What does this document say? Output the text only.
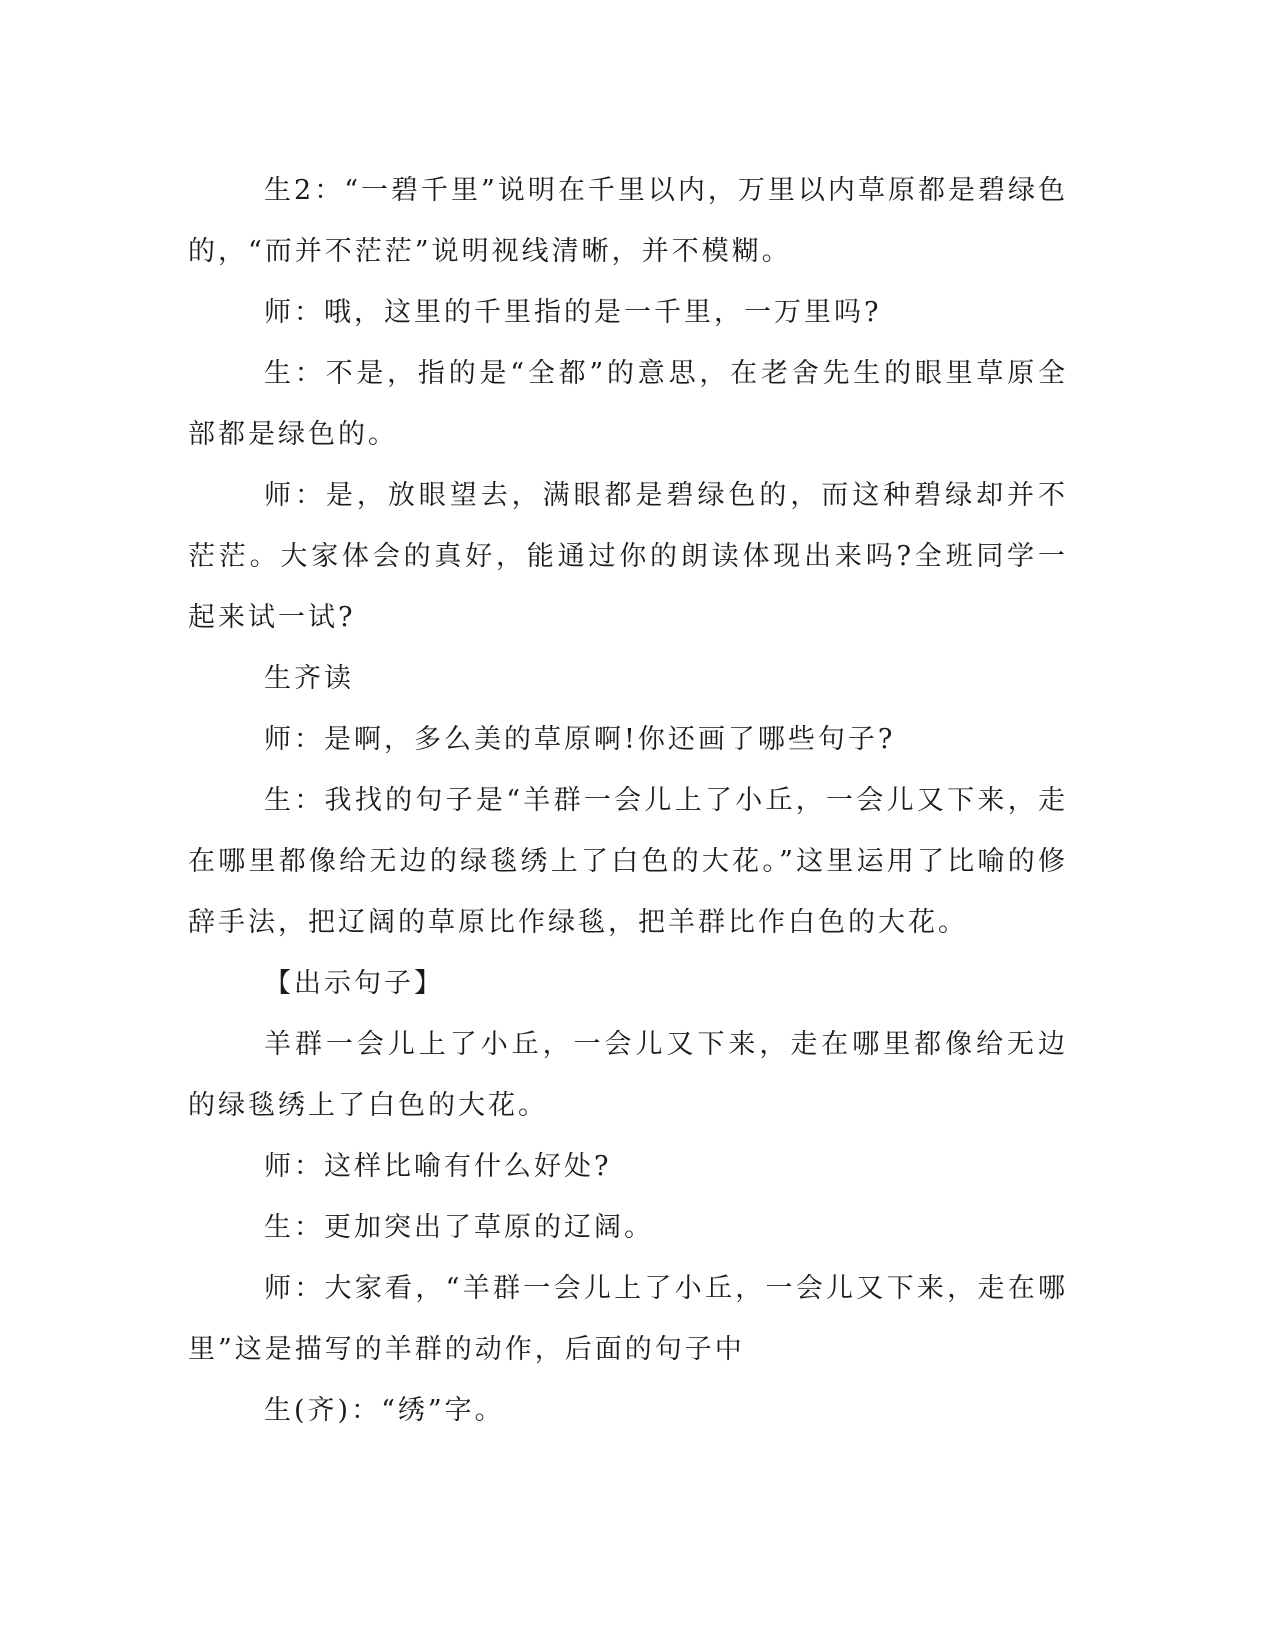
生2：“一碧千里”说明在千里以内，万里以内草原都是碧绿色的，“而并不茫茫”说明视线清晰，并不模糊。

师：哦，这里的千里指的是一千里，一万里吗?

生：不是，指的是“全都”的意思，在老舍先生的眼里草原全部都是绿色的。

师：是，放眼望去，满眼都是碧绿色的，而这种碧绿却并不茫茫。大家体会的真好，能通过你的朗读体现出来吗?全班同学一起来试一试?

生齐读

师：是啊，多么美的草原啊!你还画了哪些句子?

生：我找的句子是“羊群一会儿上了小丘，一会儿又下来，走在哪里都像给无边的绿毯绣上了白色的大花。”这里运用了比喻的修辞手法，把辽阔的草原比作绿毯，把羊群比作白色的大花。

【出示句子】

羊群一会儿上了小丘，一会儿又下来，走在哪里都像给无边的绿毯绣上了白色的大花。

师：这样比喻有什么好处?

生：更加突出了草原的辽阔。

师：大家看，“羊群一会儿上了小丘，一会儿又下来，走在哪里”这是描写的羊群的动作，后面的句子中

生(齐)：“绣”字。
